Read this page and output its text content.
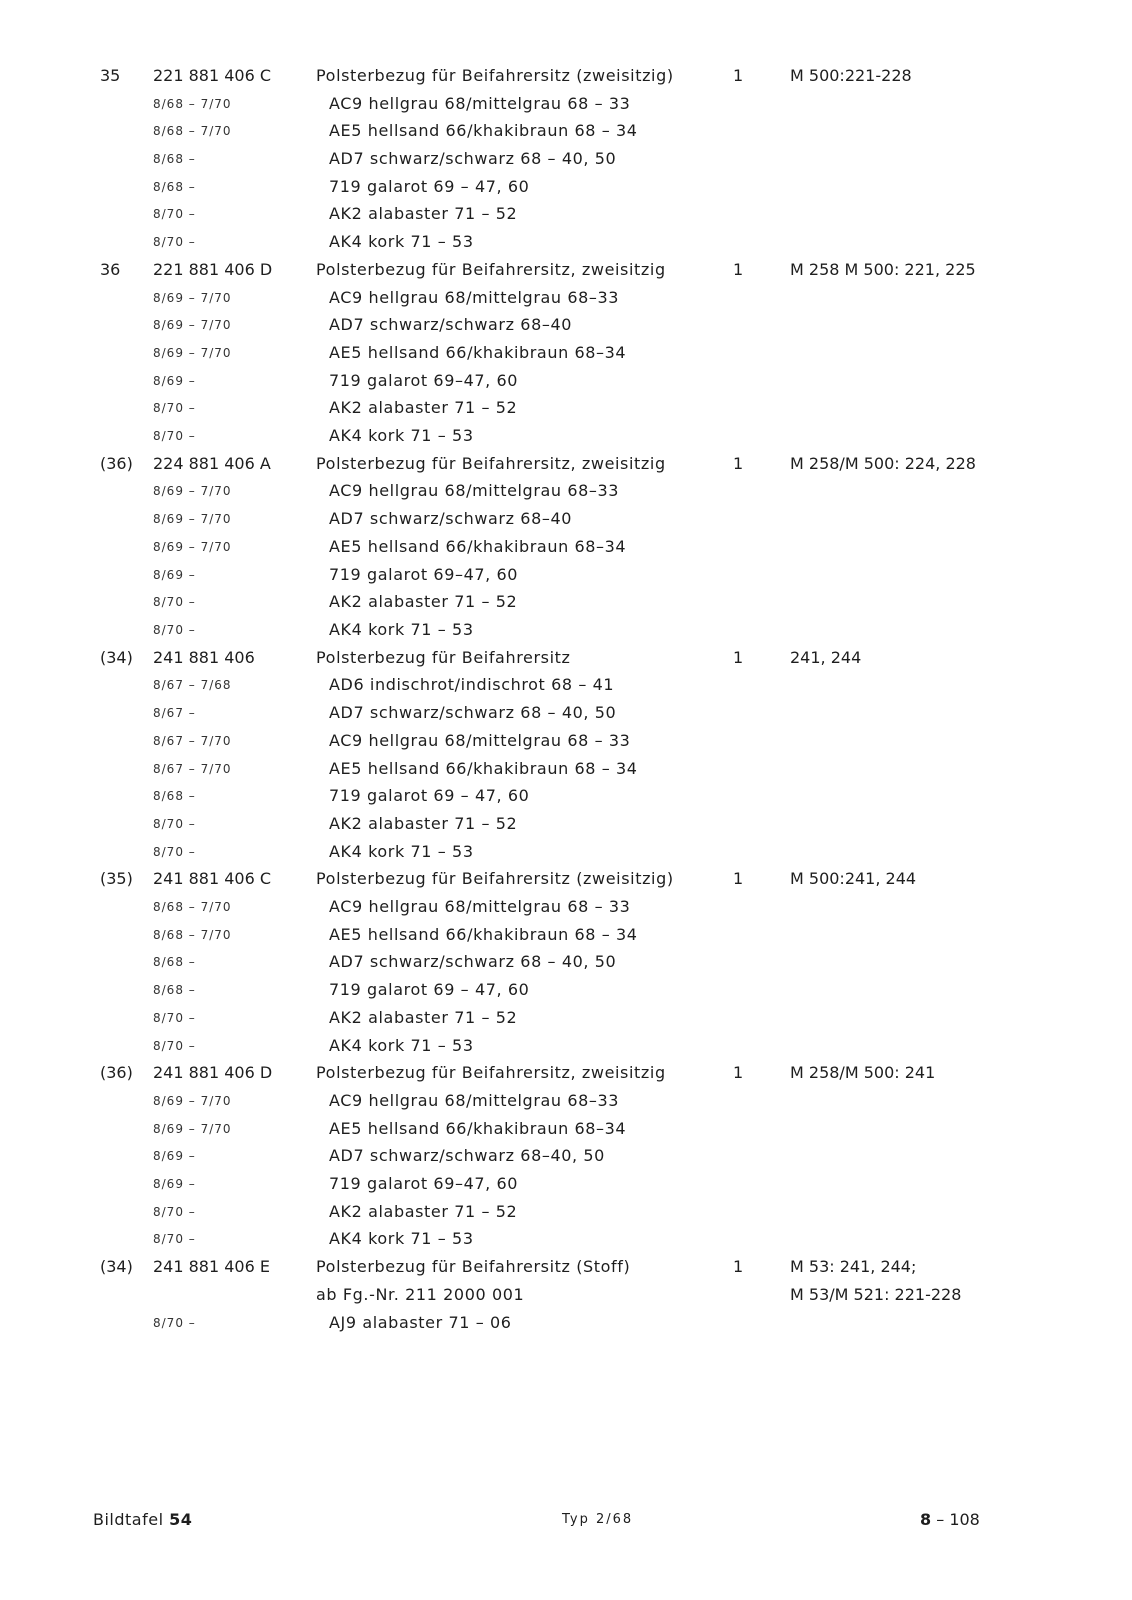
35 221 881 406 C	Polsterbezug für Beifahrersitz (zweisitzig)	1	M 500:221-228
8/68 – 7/70	AC9 hellgrau 68/mittelgrau 68 – 33
8/68 – 7/70	AE5 hellsand 66/khakibraun 68 – 34
8/68 –	AD7 schwarz/schwarz 68 – 40, 50
8/68 –	719 galarot 69 – 47, 60
8/70 –	AK2 alabaster 71 – 52
8/70 –	AK4 kork 71 – 53
36 221 881 406 D	Polsterbezug für Beifahrersitz, zweisitzig	1	M 258 M 500: 221, 225
8/69 – 7/70	AC9 hellgrau 68/mittelgrau 68–33
8/69 – 7/70	AD7 schwarz/schwarz 68–40
8/69 – 7/70	AE5 hellsand 66/khakibraun 68–34
8/69 –	719 galarot 69–47, 60
8/70 –	AK2 alabaster 71 – 52
8/70 –	AK4 kork 71 – 53
(36) 224 881 406 A	Polsterbezug für Beifahrersitz, zweisitzig	1	M 258/M 500: 224, 228
8/69 – 7/70	AC9 hellgrau 68/mittelgrau 68–33
8/69 – 7/70	AD7 schwarz/schwarz 68–40
8/69 – 7/70	AE5 hellsand 66/khakibraun 68–34
8/69 –	719 galarot 69–47, 60
8/70 –	AK2 alabaster 71 – 52
8/70 –	AK4 kork 71 – 53
(34) 241 881 406	Polsterbezug für Beifahrersitz	1	241, 244
8/67 – 7/68	AD6 indischrot/indischrot 68 – 41
8/67 –	AD7 schwarz/schwarz 68 – 40, 50
8/67 – 7/70	AC9 hellgrau 68/mittelgrau 68 – 33
8/67 – 7/70	AE5 hellsand 66/khakibraun 68 – 34
8/68 –	719 galarot 69 – 47, 60
8/70 –	AK2 alabaster 71 – 52
8/70 –	AK4 kork 71 – 53
(35) 241 881 406 C	Polsterbezug für Beifahrersitz (zweisitzig)	1	M 500:241, 244
8/68 – 7/70	AC9 hellgrau 68/mittelgrau 68 – 33
8/68 – 7/70	AE5 hellsand 66/khakibraun 68 – 34
8/68 –	AD7 schwarz/schwarz 68 – 40, 50
8/68 –	719 galarot 69 – 47, 60
8/70 –	AK2 alabaster 71 – 52
8/70 –	AK4 kork 71 – 53
(36) 241 881 406 D	Polsterbezug für Beifahrersitz, zweisitzig	1	M 258/M 500: 241
8/69 – 7/70	AC9 hellgrau 68/mittelgrau 68–33
8/69 – 7/70	AE5 hellsand 66/khakibraun 68–34
8/69 –	AD7 schwarz/schwarz 68–40, 50
8/69 –	719 galarot 69–47, 60
8/70 –	AK2 alabaster 71 – 52
8/70 –	AK4 kork 71 – 53
(34) 241 881 406 E	Polsterbezug für Beifahrersitz (Stoff)	1	M 53: 241, 244;
ab Fg.-Nr. 211 2000 001	M 53/M 521: 221-228
8/70 –	AJ9 alabaster 71 – 06
Bildtafel 54	Typ 2/68	8 – 108
